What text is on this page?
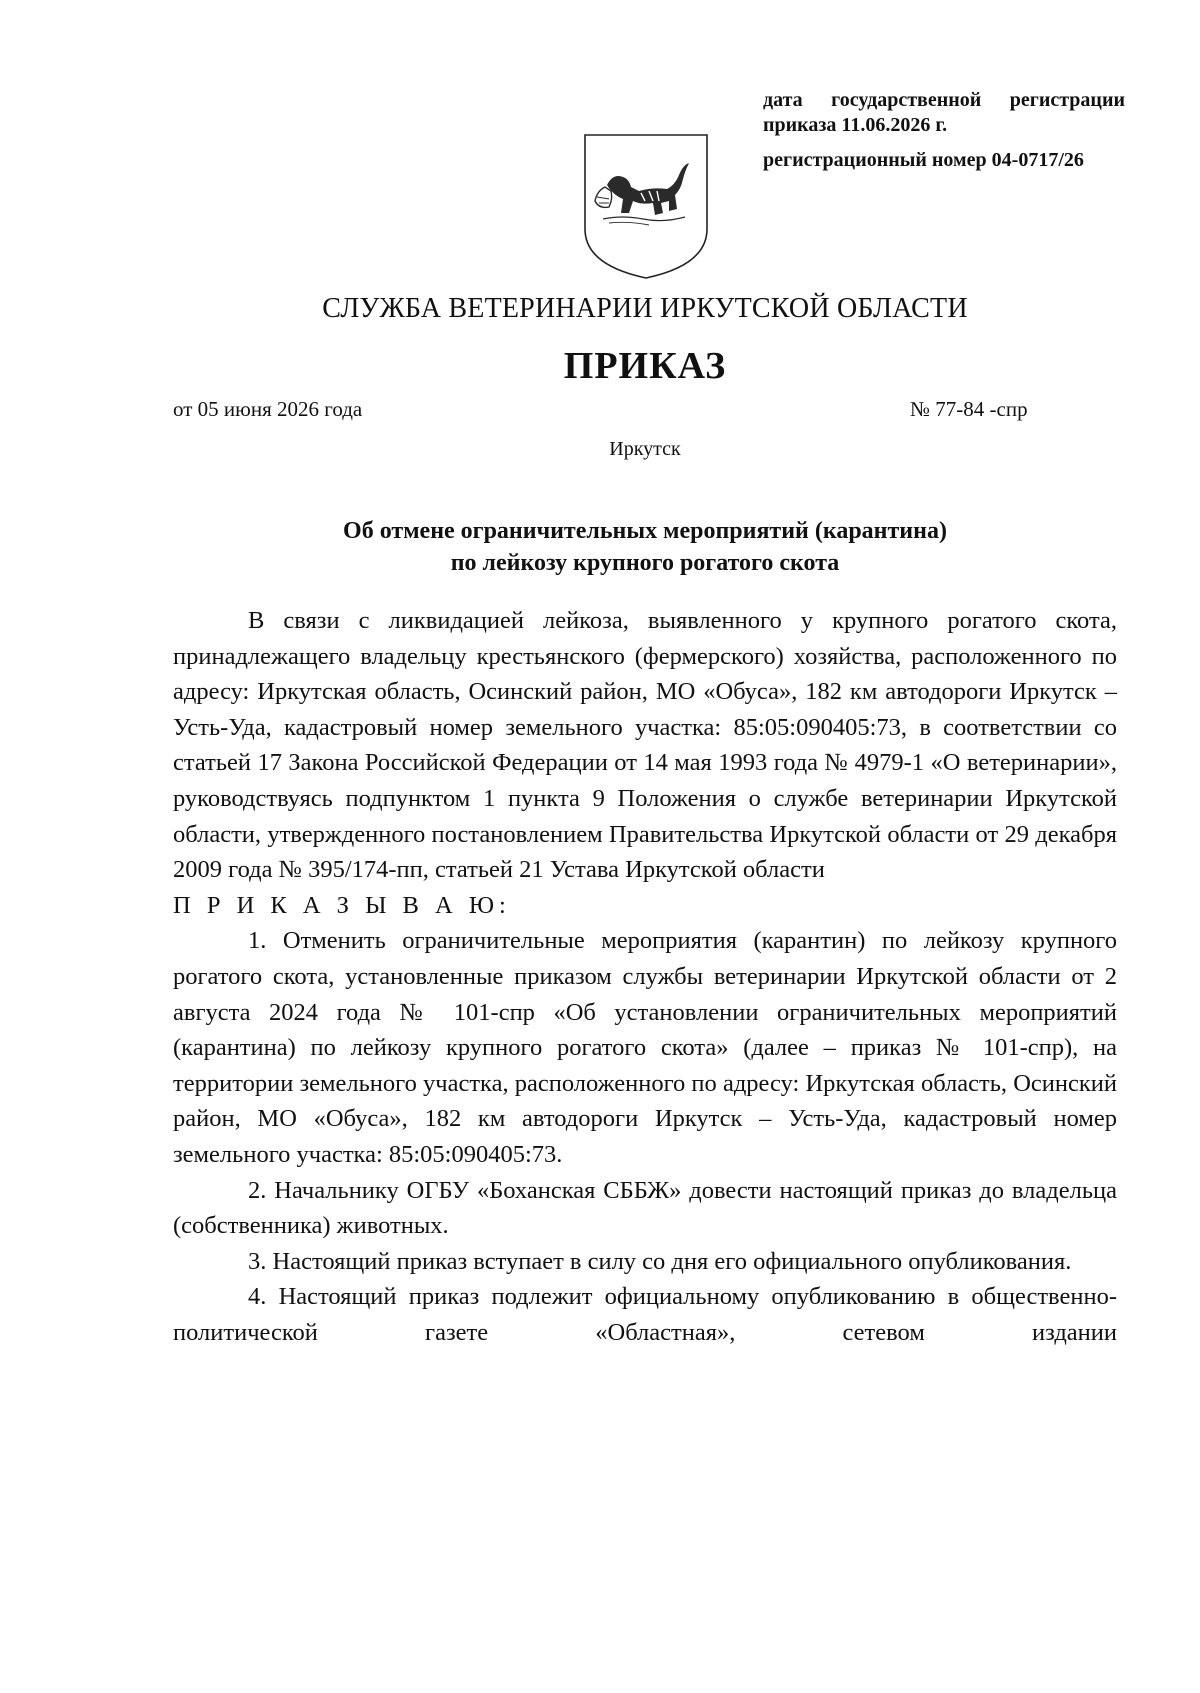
дата государственной регистрации
приказа 11.06.2026 г.
регистрационный номер 04-0717/26
СЛУЖБА ВЕТЕРИНАРИИ ИРКУТСКОЙ ОБЛАСТИ
ПРИКАЗ
от 05 июня 2026 года	№ 77-84 -спр
Иркутск
Об отмене ограничительных мероприятий (карантина)
по лейкозу крупного рогатого скота

В связи с ликвидацией лейкоза, выявленного у крупного рогатого скота, принадлежащего владельцу крестьянского (фермерского) хозяйства, расположенного по адресу: Иркутская область, Осинский район, МО «Обуса», 182 км автодороги Иркутск – Усть-Уда, кадастровый номер земельного участка: 85:05:090405:73, в соответствии со статьей 17 Закона Российской Федерации от 14 мая 1993 года № 4979-1 «О ветеринарии», руководствуясь подпунктом 1 пункта 9 Положения о службе ветеринарии Иркутской области, утвержденного постановлением Правительства Иркутской области от 29 декабря 2009 года № 395/174-пп, статьей 21 Устава Иркутской области

П Р И К А З Ы В А Ю:

1. Отменить ограничительные мероприятия (карантин) по лейкозу крупного рогатого скота, установленные приказом службы ветеринарии Иркутской области от 2 августа 2024 года № 101-спр «Об установлении ограничительных мероприятий (карантина) по лейкозу крупного рогатого скота» (далее – приказ № 101-спр), на территории земельного участка, расположенного по адресу: Иркутская область, Осинский район, МО «Обуса», 182 км автодороги Иркутск – Усть-Уда, кадастровый номер земельного участка: 85:05:090405:73.

2. Начальнику ОГБУ «Боханская СББЖ» довести настоящий приказ до владельца (собственника) животных.

3. Настоящий приказ вступает в силу со дня его официального опубликования.

4. Настоящий приказ подлежит официальному опубликованию в общественно-политической газете «Областная», сетевом издании
